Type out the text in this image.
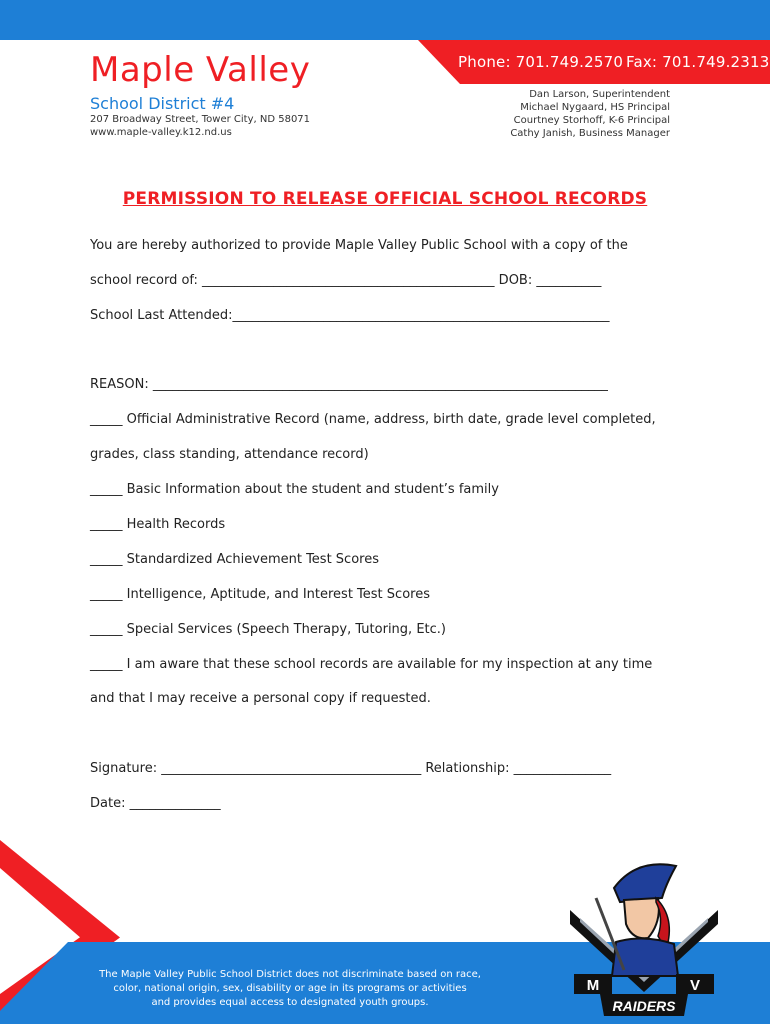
Phone: 701.749.2570 Fax: 701.749.2313
Maple Valley
School District #4
207 Broadway Street, Tower City, ND 58071
www.maple-valley.k12.nd.us
Dan Larson, Superintendent
Michael Nygaard, HS Principal
Courtney Storhoff, K-6 Principal
Cathy Janish, Business Manager
PERMISSION TO RELEASE OFFICIAL SCHOOL RECORDS
You are hereby authorized to provide Maple Valley Public School with a copy of the
school record of: _____________________________________________ DOB: __________
School Last Attended:__________________________________________________________
REASON: ______________________________________________________________________
_____ Official Administrative Record (name, address, birth date, grade level completed,
grades, class standing, attendance record)
_____ Basic Information about the student and student’s family
_____ Health Records
_____ Standardized Achievement Test Scores
_____ Intelligence, Aptitude, and Interest Test Scores
_____ Special Services (Speech Therapy, Tutoring, Etc.)
_____ I am aware that these school records are available for my inspection at any time
and that I may receive a personal copy if requested.
Signature: ________________________________________ Relationship: _______________
Date: ______________
The Maple Valley Public School District does not discriminate based on race,
color, national origin, sex, disability or age in its programs or activities
and provides equal access to designated youth groups.
M	V
RAIDERS
